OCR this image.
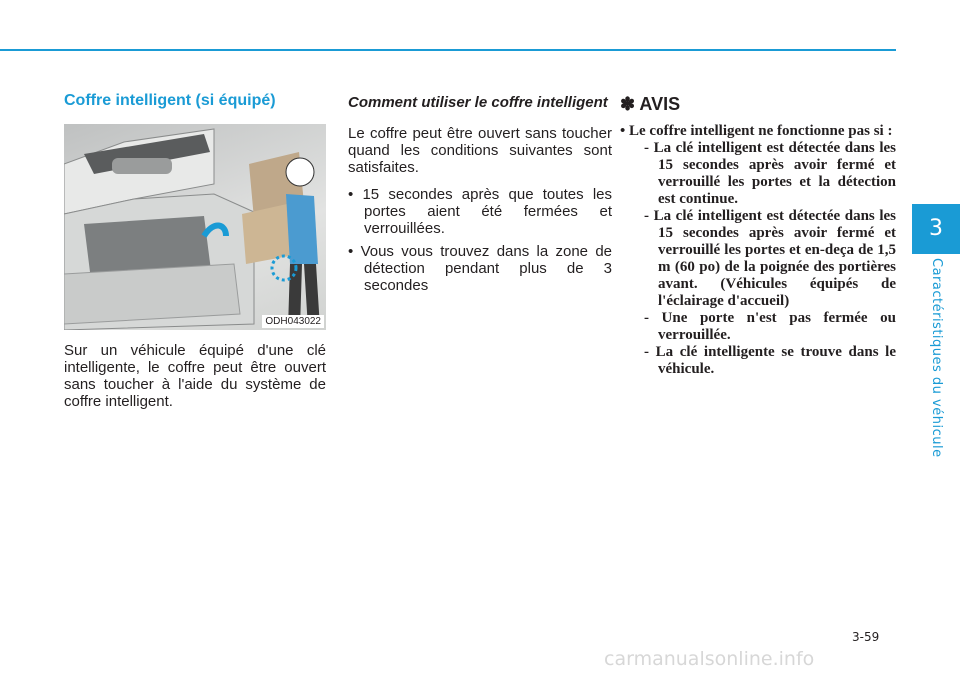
3
Caractéristiques du véhicule
Coffre intelligent (si équipé)
ODH043022

Sur un véhicule équipé d'une clé intelligente, le coffre peut être ouvert sans toucher à l'aide du système de coffre intelligent.

Comment utiliser le coffre intelligent

Le coffre peut être ouvert sans toucher quand les conditions suivantes sont satisfaites.

• 15 secondes après que toutes les portes aient été fermées et verrouillées.
• Vous vous trouvez dans la zone de détection pendant plus de 3 secondes
✽ AVIS

• Le coffre intelligent ne fonctionne pas si :

- La clé intelligent est détectée dans les 15 secondes après avoir fermé et verrouillé les portes et la détection est continue.

- La clé intelligent est détectée dans les 15 secondes après avoir fermé et verrouillé les portes et en-deça de 1,5 m (60 po) de la poignée des portières avant. (Véhicules équipés de l'éclairage d'accueil)

- Une porte n'est pas fermée ou verrouillée.

- La clé intelligente se trouve dans le véhicule.

3-59
carmanualsonline.info
